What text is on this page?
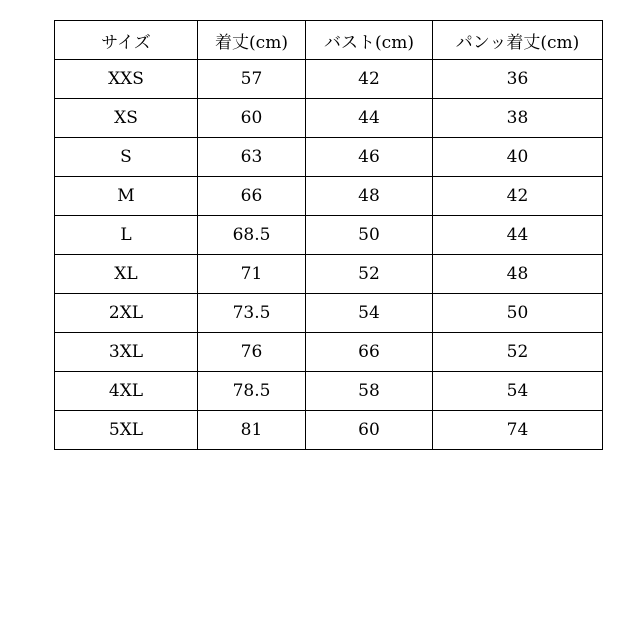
サイズ	着丈(cm)	バスト(cm)	パンッ着丈(cm)
XXS	57	42	36
XS	60	44	38
S	63	46	40
M	66	48	42
L	68.5	50	44
XL	71	52	48
2XL	73.5	54	50
3XL	76	66	52
4XL	78.5	58	54
5XL	81	60	74
